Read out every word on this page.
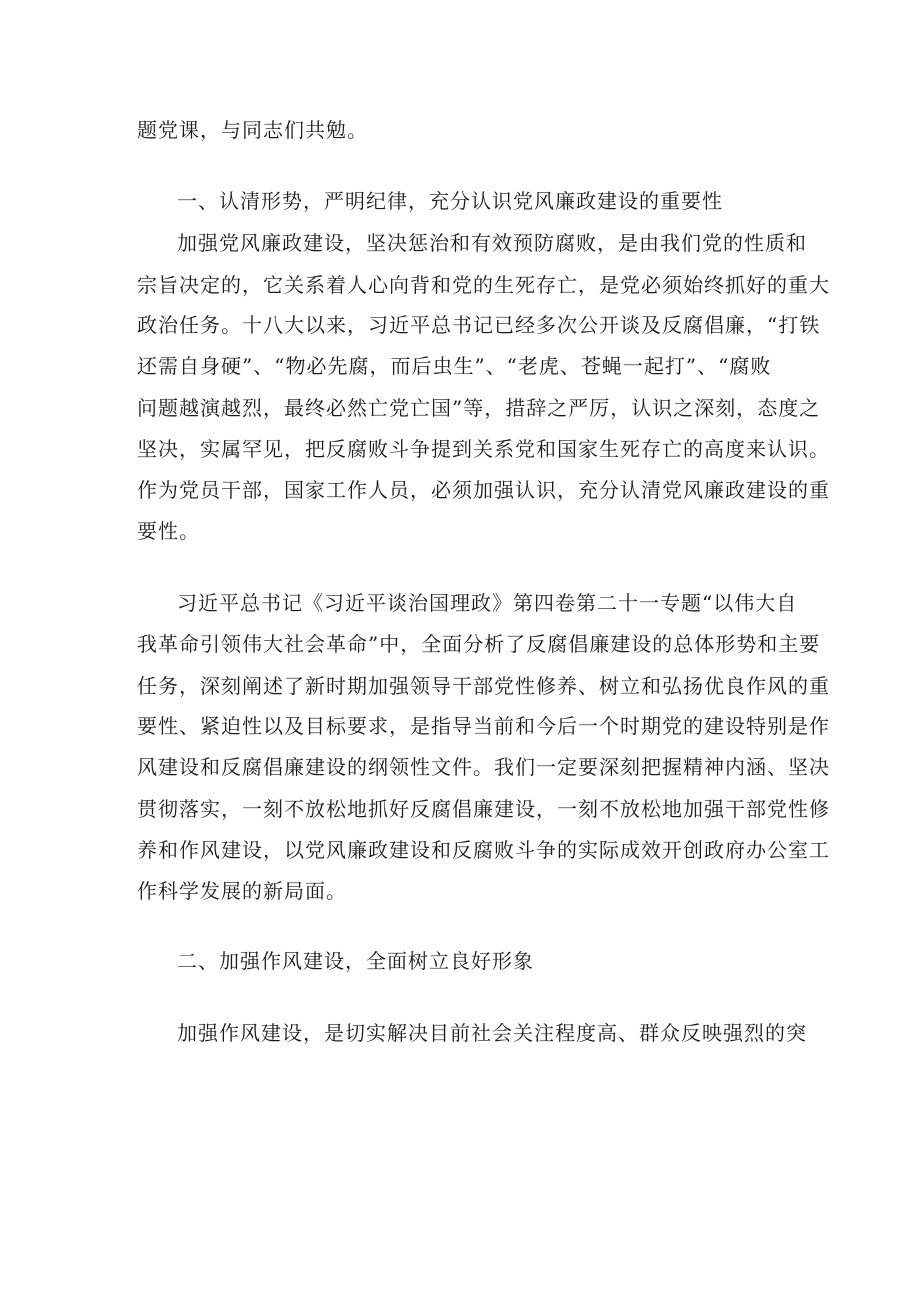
题党课，与同志们共勉。
一、认清形势，严明纪律，充分认识党风廉政建设的重要性
加强党风廉政建设，坚决惩治和有效预防腐败，是由我们党的性质和
宗旨决定的，它关系着人心向背和党的生死存亡，是党必须始终抓好的重大
政治任务。十八大以来，习近平总书记已经多次公开谈及反腐倡廉，“打铁
还需自身硬”、“物必先腐，而后虫生”、“老虎、苍蝇一起打”、“腐败
问题越演越烈，最终必然亡党亡国”等，措辞之严厉，认识之深刻，态度之
坚决，实属罕见，把反腐败斗争提到关系党和国家生死存亡的高度来认识。
作为党员干部，国家工作人员，必须加强认识，充分认清党风廉政建设的重
要性。
习近平总书记《习近平谈治国理政》第四卷第二十一专题“以伟大自
我革命引领伟大社会革命”中，全面分析了反腐倡廉建设的总体形势和主要
任务，深刻阐述了新时期加强领导干部党性修养、树立和弘扬优良作风的重
要性、紧迫性以及目标要求，是指导当前和今后一个时期党的建设特别是作
风建设和反腐倡廉建设的纲领性文件。我们一定要深刻把握精神内涵、坚决
贯彻落实，一刻不放松地抓好反腐倡廉建设，一刻不放松地加强干部党性修
养和作风建设，以党风廉政建设和反腐败斗争的实际成效开创政府办公室工
作科学发展的新局面。
二、加强作风建设，全面树立良好形象
加强作风建设，是切实解决目前社会关注程度高、群众反映强烈的突
